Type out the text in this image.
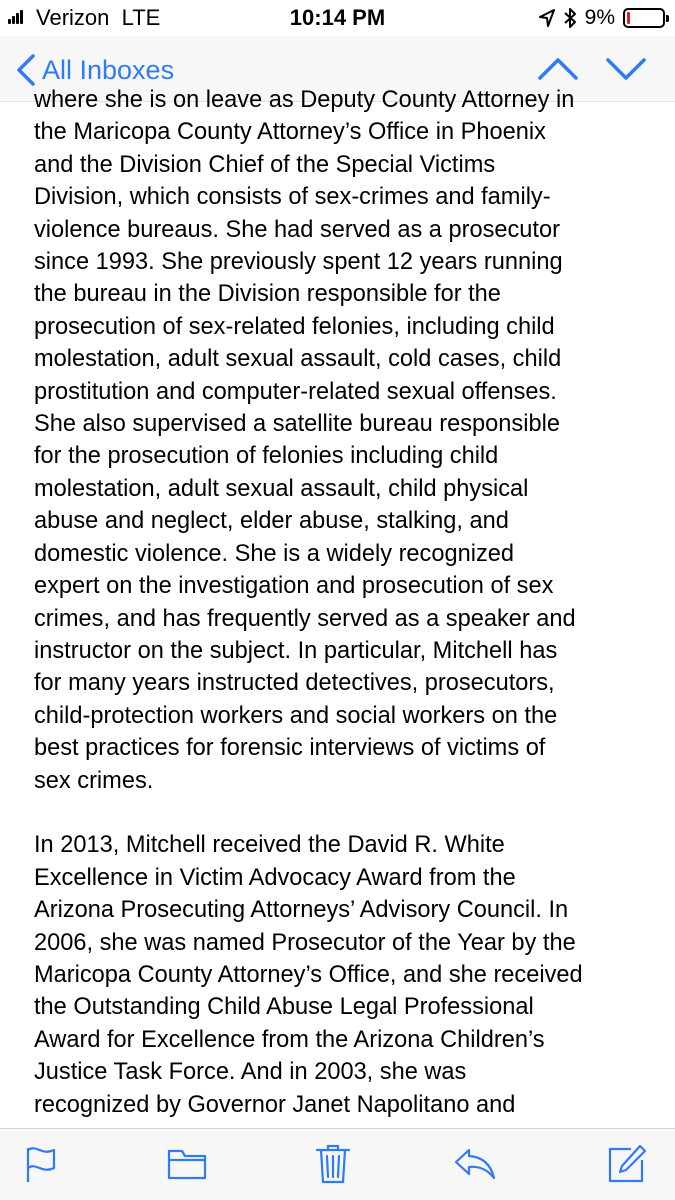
Verizon LTE	10:14 PM	9%
All Inboxes

where she is on leave as Deputy County Attorney in

the Maricopa County Attorney’s Office in Phoenix

and the Division Chief of the Special Victims

Division, which consists of sex-crimes and family-

violence bureaus. She had served as a prosecutor

since 1993. She previously spent 12 years running

the bureau in the Division responsible for the

prosecution of sex-related felonies, including child

molestation, adult sexual assault, cold cases, child

prostitution and computer-related sexual offenses.

She also supervised a satellite bureau responsible

for the prosecution of felonies including child

molestation, adult sexual assault, child physical

abuse and neglect, elder abuse, stalking, and

domestic violence. She is a widely recognized

expert on the investigation and prosecution of sex

crimes, and has frequently served as a speaker and

instructor on the subject. In particular, Mitchell has

for many years instructed detectives, prosecutors,

child-protection workers and social workers on the

best practices for forensic interviews of victims of

sex crimes.

In 2013, Mitchell received the David R. White

Excellence in Victim Advocacy Award from the

Arizona Prosecuting Attorneys’ Advisory Council. In

2006, she was named Prosecutor of the Year by the

Maricopa County Attorney’s Office, and she received

the Outstanding Child Abuse Legal Professional

Award for Excellence from the Arizona Children’s

Justice Task Force. And in 2003, she was

recognized by Governor Janet Napolitano and
